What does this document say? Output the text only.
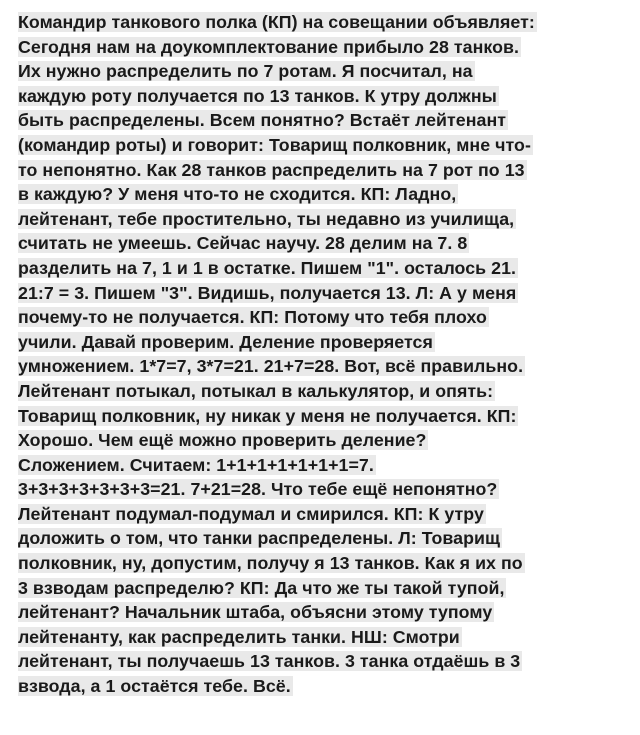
Командир танкового полка (КП) на совещании объявляет:
Сегодня нам на доукомплектование прибыло 28 танков.
Их нужно распределить по 7 ротам. Я посчитал, на
каждую роту получается по 13 танков. К утру должны
быть распределены. Всем понятно? Встаёт лейтенант
(командир роты) и говорит: Товарищ полковник, мне что-
то непонятно. Как 28 танков распределить на 7 рот по 13
в каждую? У меня что-то не сходится. КП: Ладно,
лейтенант, тебе простительно, ты недавно из училища,
считать не умеешь. Сейчас научу. 28 делим на 7. 8
разделить на 7, 1 и 1 в остатке. Пишем "1". осталось 21.
21:7 = 3. Пишем "3". Видишь, получается 13. Л: А у меня
почему-то не получается. КП: Потому что тебя плохо
учили. Давай проверим. Деление проверяется
умножением. 1*7=7, 3*7=21. 21+7=28. Вот, всё правильно.
Лейтенант потыкал, потыкал в калькулятор, и опять:
Товарищ полковник, ну никак у меня не получается. КП:
Хорошо. Чем ещё можно проверить деление?
Сложением. Считаем: 1+1+1+1+1+1+1=7.
3+3+3+3+3+3+3=21. 7+21=28. Что тебе ещё непонятно?
Лейтенант подумал-подумал и смирился. КП: К утру
доложить о том, что танки распределены. Л: Товарищ
полковник, ну, допустим, получу я 13 танков. Как я их по
3 взводам распределю? КП: Да что же ты такой тупой,
лейтенант? Начальник штаба, объясни этому тупому
лейтенанту, как распределить танки. НШ: Смотри
лейтенант, ты получаешь 13 танков. 3 танка отдаёшь в 3
взвода, а 1 остаётся тебе. Всё.
